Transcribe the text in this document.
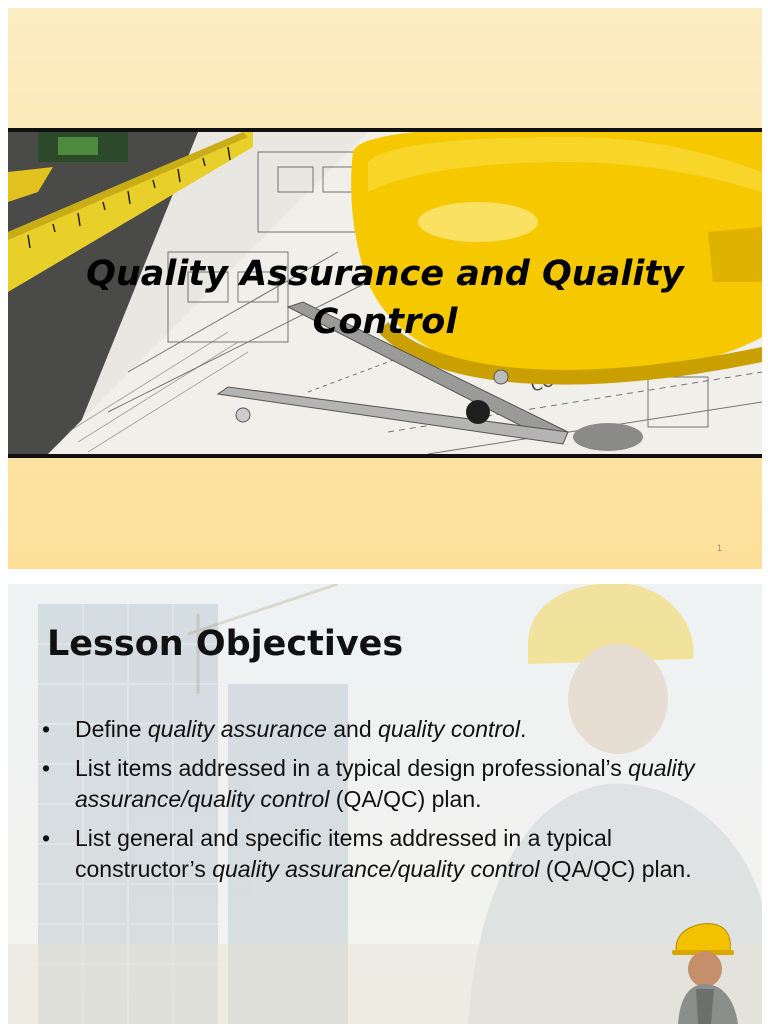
Quality Assurance and Quality
Control
1
Lesson Objectives
• Define quality assurance and quality control.
• List items addressed in a typical design professional’s quality assurance/quality control (QA/QC) plan.
• List general and specific items addressed in a typical constructor’s quality assurance/quality control (QA/QC) plan.
